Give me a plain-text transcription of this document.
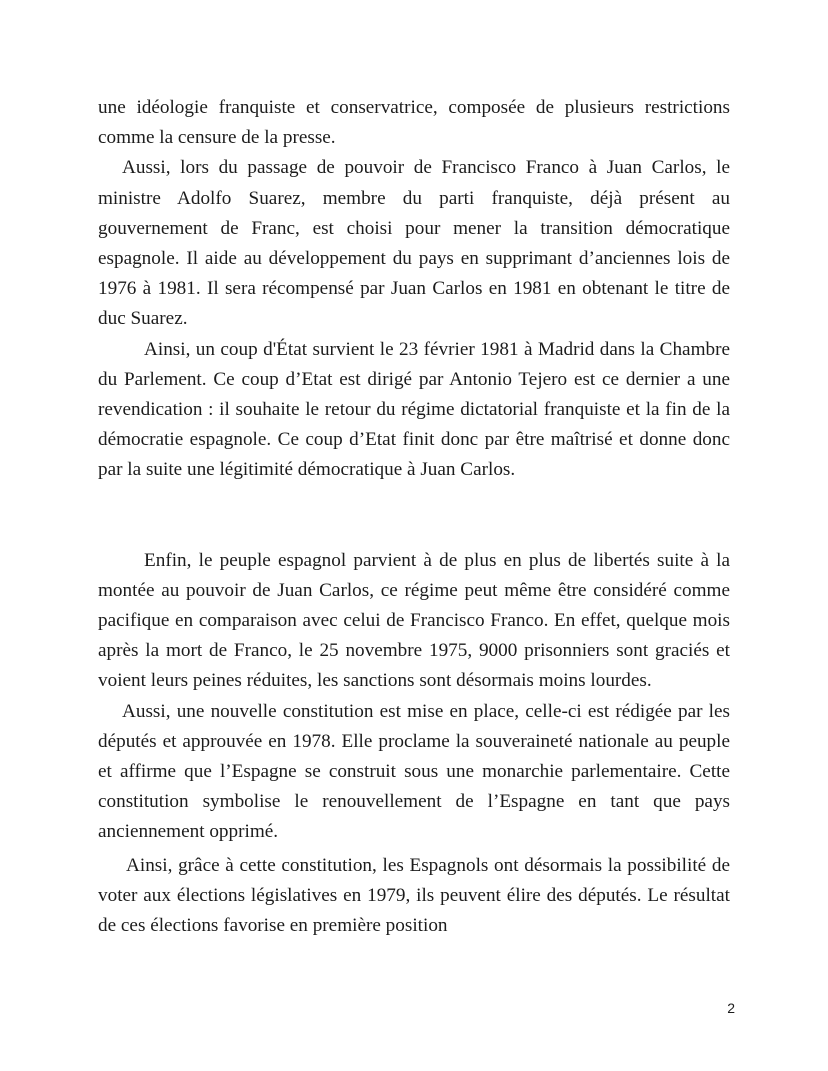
une idéologie franquiste et conservatrice, composée de plusieurs restrictions comme la censure de la presse.

Aussi, lors du passage de pouvoir de Francisco Franco à Juan Carlos, le ministre Adolfo Suarez, membre du parti franquiste, déjà présent au gouvernement de Franc, est choisi pour mener la transition démocratique espagnole. Il aide au développement du pays en supprimant d’anciennes lois de 1976 à 1981. Il sera récompensé par Juan Carlos en 1981 en obtenant le titre de duc Suarez.

Ainsi, un coup d'État survient le 23 février 1981 à Madrid dans la Chambre du Parlement. Ce coup d’Etat est dirigé par Antonio Tejero est ce dernier a une revendication : il souhaite le retour du régime dictatorial franquiste et la fin de la démocratie espagnole. Ce coup d’Etat finit donc par être maîtrisé et donne donc par la suite une légitimité démocratique à Juan Carlos.

Enfin, le peuple espagnol parvient à de plus en plus de libertés suite à la montée au pouvoir de Juan Carlos, ce régime peut même être considéré comme pacifique en comparaison avec celui de Francisco Franco. En effet, quelque mois après la mort de Franco, le 25 novembre 1975, 9000 prisonniers sont graciés et voient leurs peines réduites, les sanctions sont désormais moins lourdes.

Aussi, une nouvelle constitution est mise en place, celle-ci est rédigée par les députés et approuvée en 1978. Elle proclame la souveraineté nationale au peuple et affirme que l’Espagne se construit sous une monarchie parlementaire. Cette constitution symbolise le renouvellement de l’Espagne en tant que pays anciennement opprimé.

Ainsi, grâce à cette constitution, les Espagnols ont désormais la possibilité de voter aux élections législatives en 1979, ils peuvent élire des députés. Le résultat de ces élections favorise en première position

2
